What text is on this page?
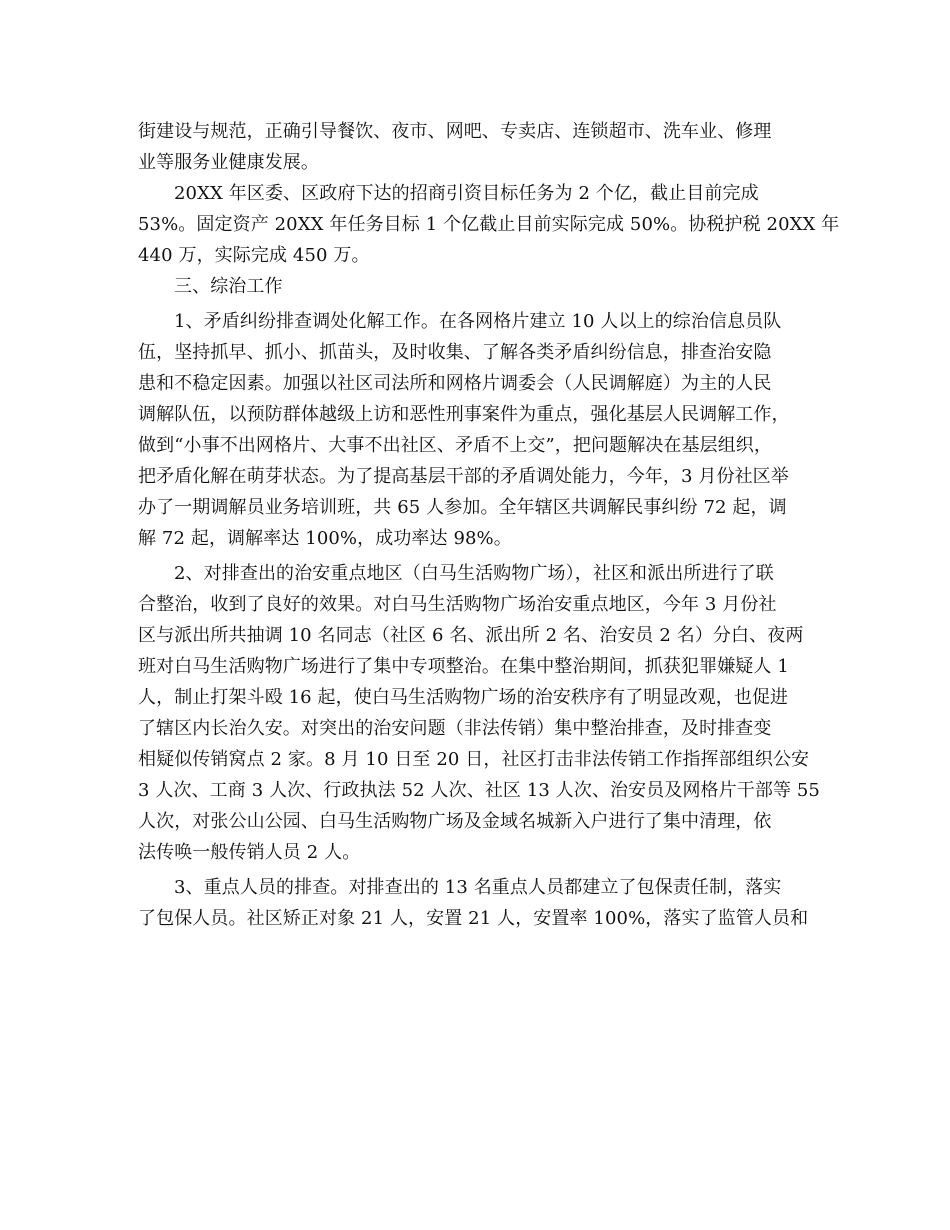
街建设与规范，正确引导餐饮、夜市、网吧、专卖店、连锁超市、洗车业、修理
业等服务业健康发展。
20XX 年区委、区政府下达的招商引资目标任务为 2 个亿，截止目前完成
53%。固定资产 20XX 年任务目标 1 个亿截止目前实际完成 50%。协税护税 20XX 年
440 万，实际完成 450 万。
三、综治工作
1、矛盾纠纷排查调处化解工作。在各网格片建立 10 人以上的综治信息员队
伍，坚持抓早、抓小、抓苗头，及时收集、了解各类矛盾纠纷信息，排查治安隐
患和不稳定因素。加强以社区司法所和网格片调委会（人民调解庭）为主的人民
调解队伍，以预防群体越级上访和恶性刑事案件为重点，强化基层人民调解工作，
做到“小事不出网格片、大事不出社区、矛盾不上交”，把问题解决在基层组织，
把矛盾化解在萌芽状态。为了提高基层干部的矛盾调处能力，今年，3 月份社区举
办了一期调解员业务培训班，共 65 人参加。全年辖区共调解民事纠纷 72 起，调
解 72 起，调解率达 100%，成功率达 98%。
2、对排查出的治安重点地区（白马生活购物广场），社区和派出所进行了联
合整治，收到了良好的效果。对白马生活购物广场治安重点地区，今年 3 月份社
区与派出所共抽调 10 名同志（社区 6 名、派出所 2 名、治安员 2 名）分白、夜两
班对白马生活购物广场进行了集中专项整治。在集中整治期间，抓获犯罪嫌疑人 1
人，制止打架斗殴 16 起，使白马生活购物广场的治安秩序有了明显改观，也促进
了辖区内长治久安。对突出的治安问题（非法传销）集中整治排查，及时排查变
相疑似传销窝点 2 家。8 月 10 日至 20 日，社区打击非法传销工作指挥部组织公安
3 人次、工商 3 人次、行政执法 52 人次、社区 13 人次、治安员及网格片干部等 55
人次，对张公山公园、白马生活购物广场及金域名城新入户进行了集中清理，依
法传唤一般传销人员 2 人。
3、重点人员的排查。对排查出的 13 名重点人员都建立了包保责任制，落实
了包保人员。社区矫正对象 21 人，安置 21 人，安置率 100%，落实了监管人员和
